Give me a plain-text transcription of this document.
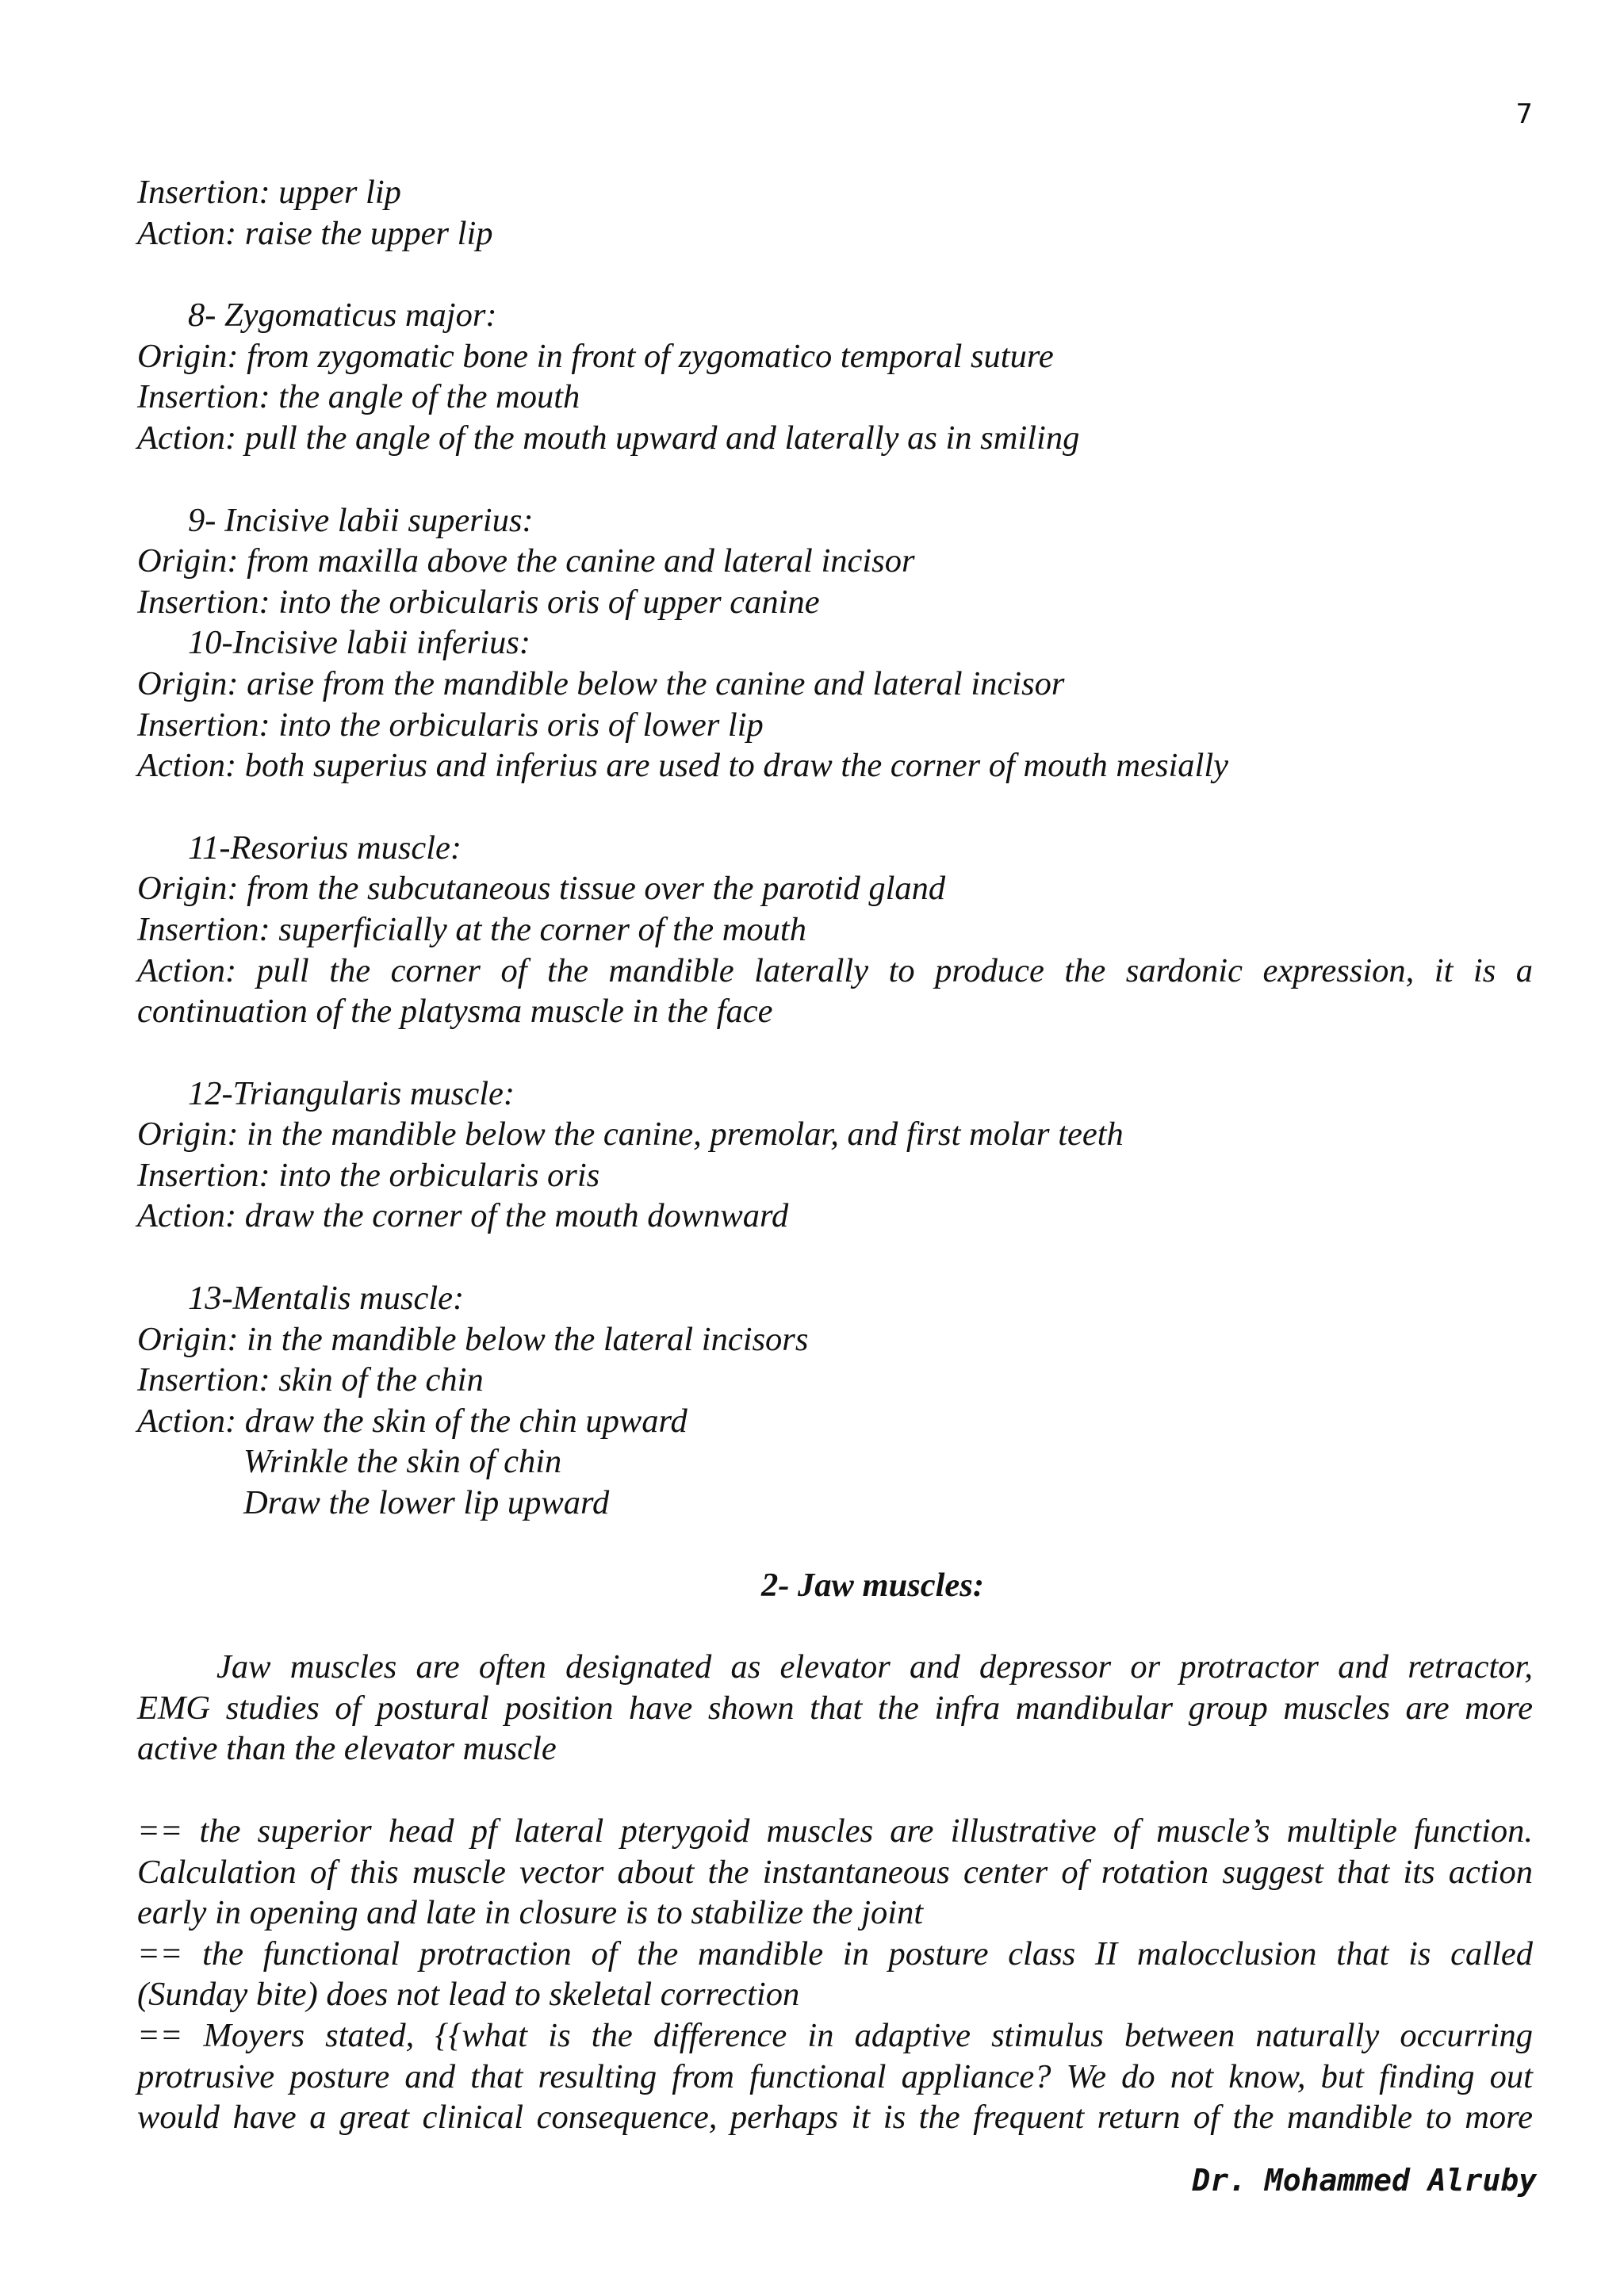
7
Insertion: upper lip
Action: raise the upper lip
8- Zygomaticus major:
Origin: from zygomatic bone in front of zygomatico temporal suture
Insertion: the angle of the mouth
Action: pull the angle of the mouth upward and laterally as in smiling
9- Incisive labii superius:
Origin: from maxilla above the canine and lateral incisor
Insertion: into the orbicularis oris of upper canine
10-Incisive labii inferius:
Origin: arise from the mandible below the canine and lateral incisor
Insertion: into the orbicularis oris of lower lip
Action: both superius and inferius are used to draw the corner of mouth mesially
11-Resorius muscle:
Origin: from the subcutaneous tissue over the parotid gland
Insertion: superficially at the corner of the mouth
Action: pull the corner of the mandible laterally to produce the sardonic expression, it is a
continuation of the platysma muscle in the face
12-Triangularis muscle:
Origin: in the mandible below the canine, premolar, and first molar teeth
Insertion: into the orbicularis oris
Action: draw the corner of the mouth downward
13-Mentalis muscle:
Origin: in the mandible below the lateral incisors
Insertion: skin of the chin
Action: draw the skin of the chin upward
Wrinkle the skin of chin
Draw the lower lip upward
2- Jaw muscles:
Jaw muscles are often designated as elevator and depressor or protractor and retractor,
EMG studies of postural position have shown that the infra mandibular group muscles are more
active than the elevator muscle
== the superior head pf lateral pterygoid muscles are illustrative of muscle’s multiple function.
Calculation of this muscle vector about the instantaneous center of rotation suggest that its action
early in opening and late in closure is to stabilize the joint
== the functional protraction of the mandible in posture class II malocclusion that is called
(Sunday bite) does not lead to skeletal correction
== Moyers stated, {{what is the difference in adaptive stimulus between naturally occurring
protrusive posture and that resulting from functional appliance? We do not know, but finding out
would have a great clinical consequence, perhaps it is the frequent return of the mandible to more
Dr. Mohammed Alruby
